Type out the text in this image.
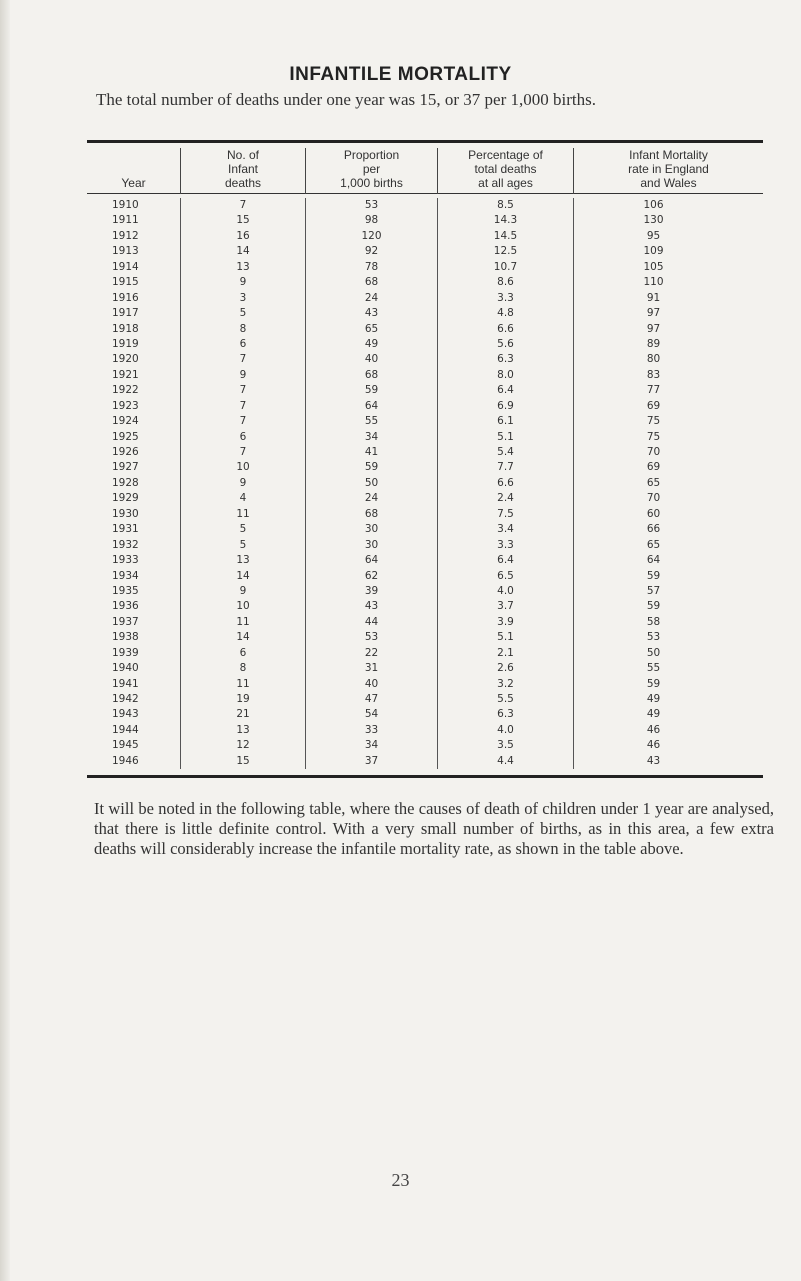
INFANTILE MORTALITY
The total number of deaths under one year was 15, or 37 per 1,000 births.
Year
No. of
Infant
deaths
Proportion
per
1,000 births
Percentage of
total deaths
at all ages
Infant Mortality
rate in England
and Wales
1910
1911
1912
1913
1914
1915
1916
1917
1918
1919
1920
1921
1922
1923
1924
1925
1926
1927
1928
1929
1930
1931
1932
1933
1934
1935
1936
1937
1938
1939
1940
1941
1942
1943
1944
1945
1946
7
15
16
14
13
9
3
5
8
6
7
9
7
7
7
6
7
10
9
4
11
5
5
13
14
9
10
11
14
6
8
11
19
21
13
12
15
53
98
120
92
78
68
24
43
65
49
40
68
59
64
55
34
41
59
50
24
68
30
30
64
62
39
43
44
53
22
31
40
47
54
33
34
37
8.5
14.3
14.5
12.5
10.7
8.6
3.3
4.8
6.6
5.6
6.3
8.0
6.4
6.9
6.1
5.1
5.4
7.7
6.6
2.4
7.5
3.4
3.3
6.4
6.5
4.0
3.7
3.9
5.1
2.1
2.6
3.2
5.5
6.3
4.0
3.5
4.4
106
130
95
109
105
110
91
97
97
89
80
83
77
69
75
75
70
69
65
70
60
66
65
64
59
57
59
58
53
50
55
59
49
49
46
46
43
It will be noted in the following table, where the causes of death of children under 1 year are analysed, that there is little definite control. With a very small number of births, as in this area, a few extra deaths will considerably increase the infantile mortality rate, as shown in the table above.
23
